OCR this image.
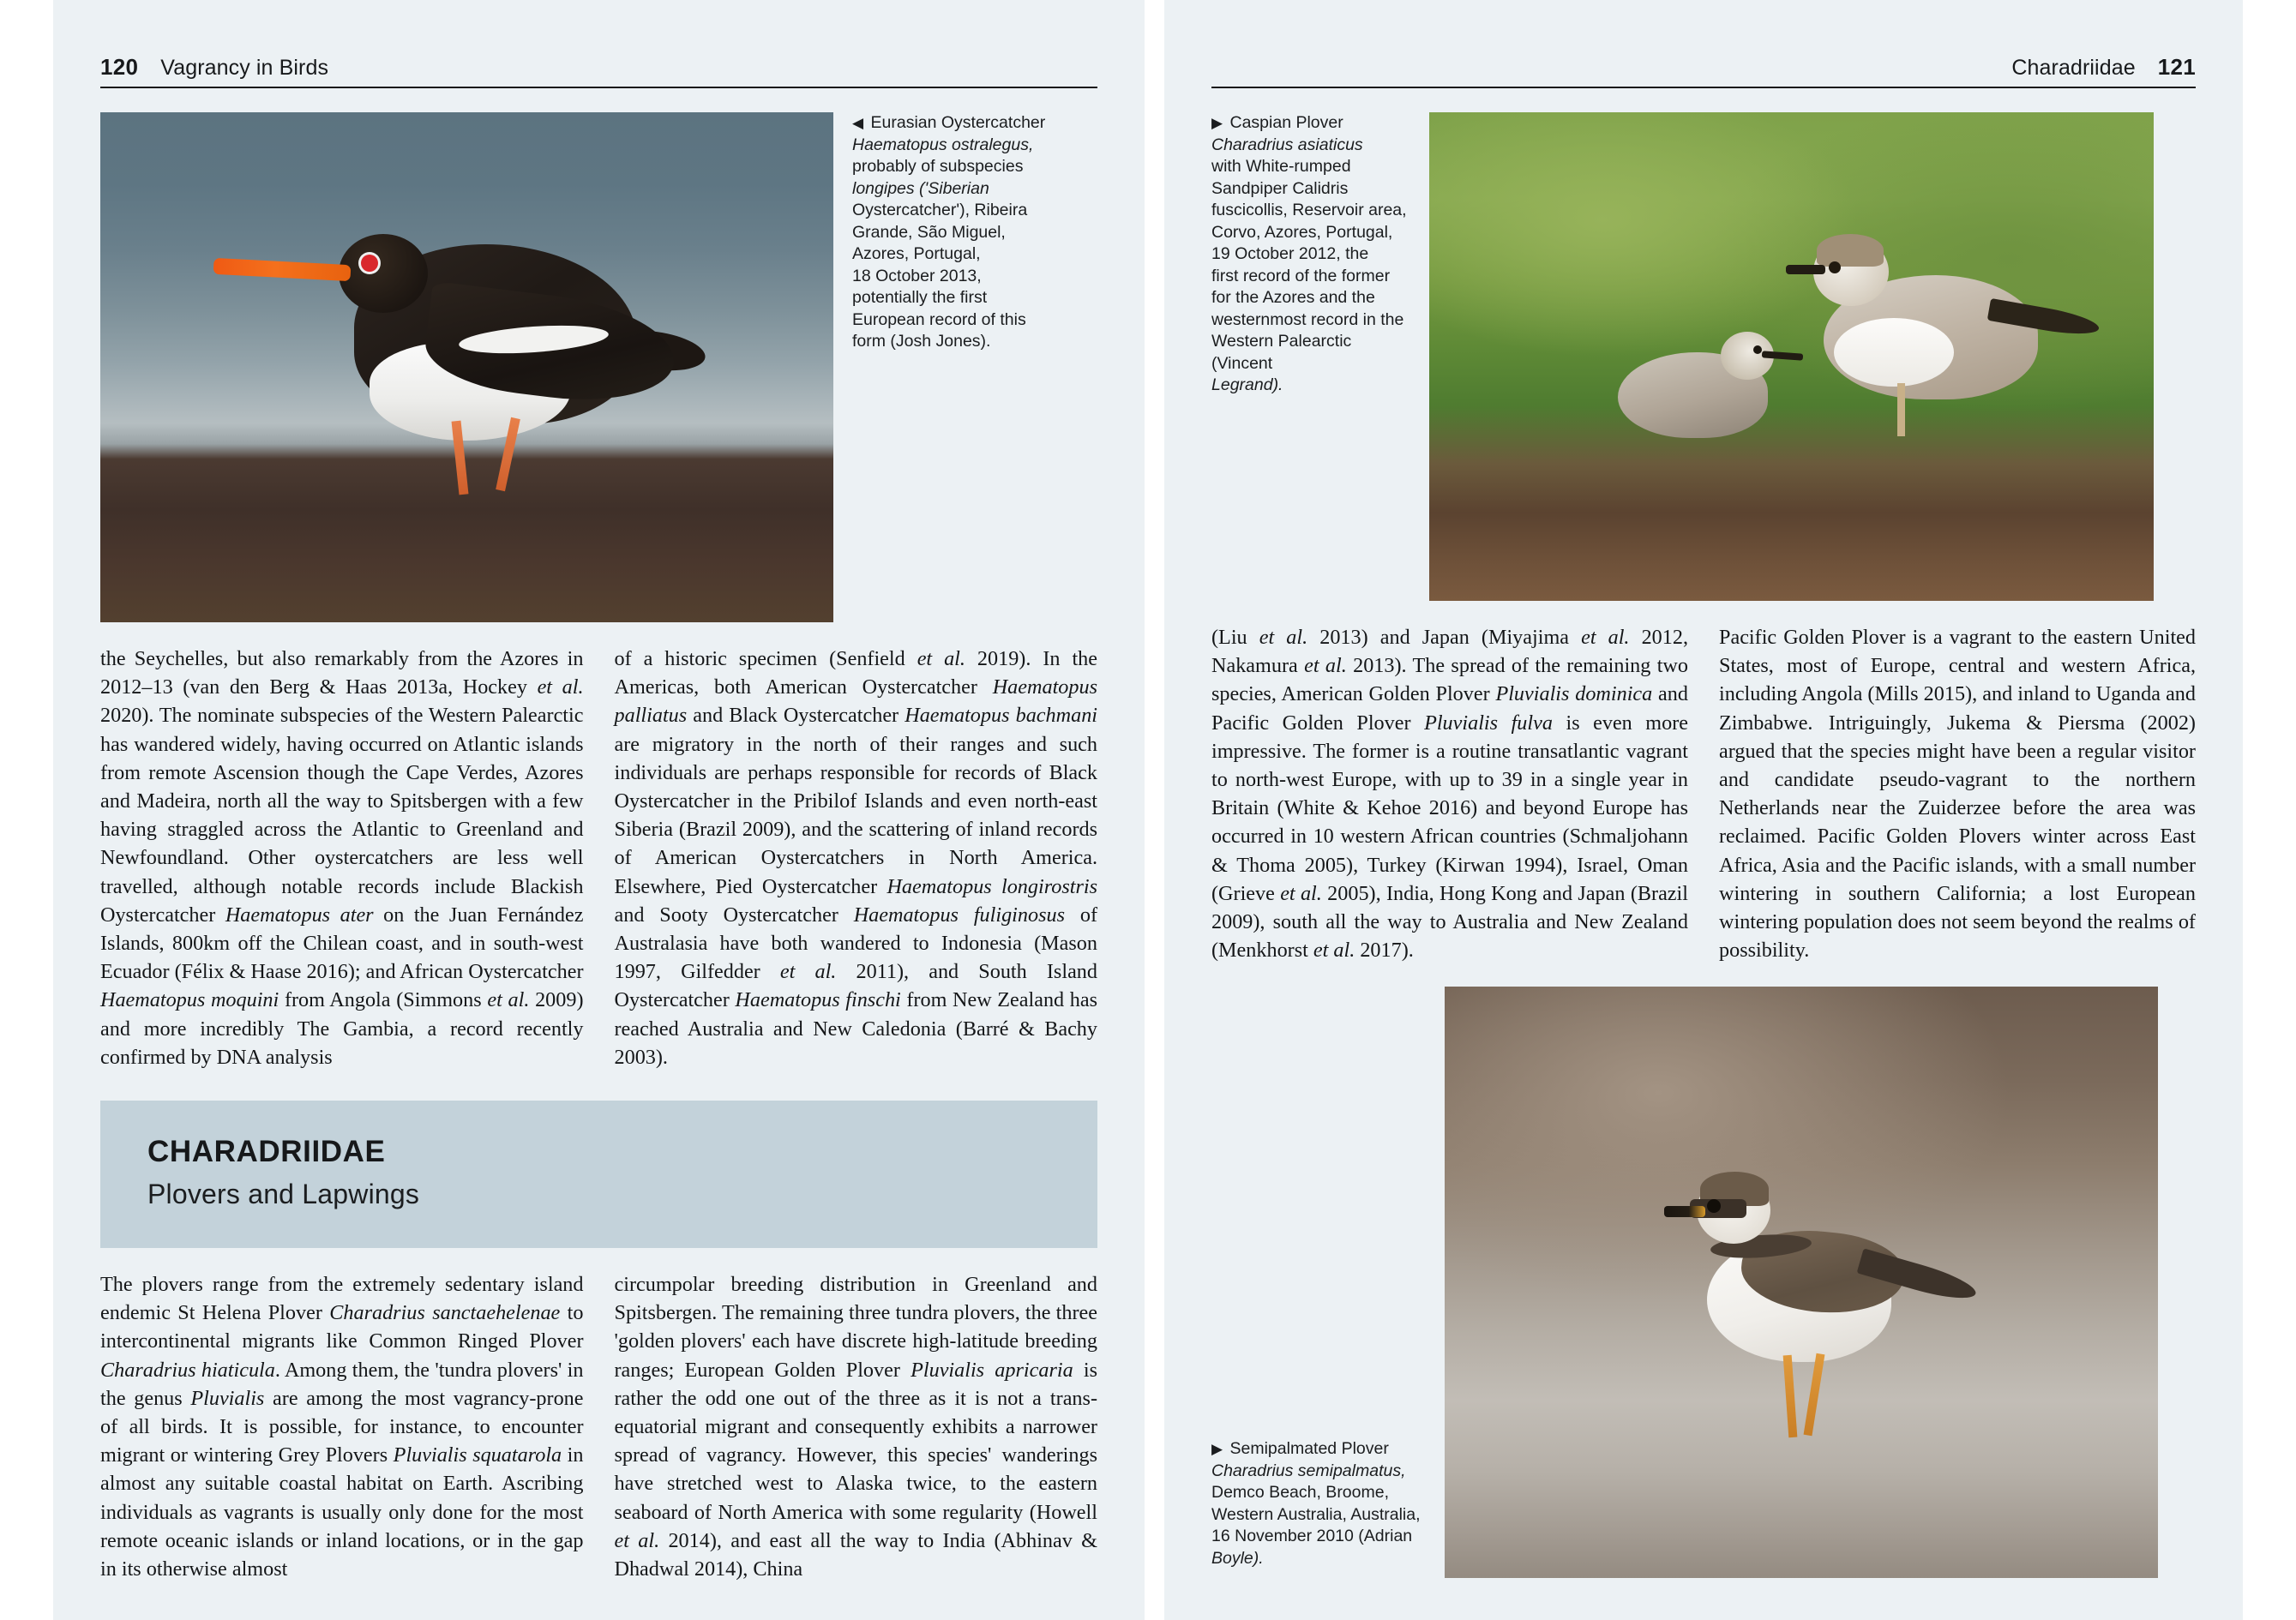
120 Vagrancy in Birds
◀ Eurasian Oystercatcher
Haematopus ostralegus,
probably of subspecies
longipes ('Siberian
Oystercatcher'), Ribeira
Grande, São Miguel,
Azores, Portugal,
18 October 2013,
potentially the first
European record of this
form (Josh Jones).
the Seychelles, but also remarkably from the Azores in 2012–13 (van den Berg & Haas 2013a, Hockey et al. 2020). The nominate subspecies of the Western Palearctic has wandered widely, having occurred on Atlantic islands from remote Ascension though the Cape Verdes, Azores and Madeira, north all the way to Spitsbergen with a few having straggled across the Atlantic to Greenland and Newfoundland. Other oystercatchers are less well travelled, although notable records include Blackish Oystercatcher Haematopus ater on the Juan Fernández Islands, 800km off the Chilean coast, and in south-west Ecuador (Félix & Haase 2016); and African Oystercatcher Haematopus moquini from Angola (Simmons et al. 2009) and more incredibly The Gambia, a record recently confirmed by DNA analysis
of a historic specimen (Senfield et al. 2019). In the Americas, both American Oystercatcher Haematopus palliatus and Black Oystercatcher Haematopus bachmani are migratory in the north of their ranges and such individuals are perhaps responsible for records of Black Oystercatcher in the Pribilof Islands and even north-east Siberia (Brazil 2009), and the scattering of inland records of American Oystercatchers in North America. Elsewhere, Pied Oystercatcher Haematopus longirostris and Sooty Oystercatcher Haematopus fuliginosus of Australasia have both wandered to Indonesia (Mason 1997, Gilfedder et al. 2011), and South Island Oystercatcher Haematopus finschi from New Zealand has reached Australia and New Caledonia (Barré & Bachy 2003).
CHARADRIIDAE
Plovers and Lapwings
The plovers range from the extremely sedentary island endemic St Helena Plover Charadrius sanctaehelenae to intercontinental migrants like Common Ringed Plover Charadrius hiaticula. Among them, the 'tundra plovers' in the genus Pluvialis are among the most vagrancy-prone of all birds. It is possible, for instance, to encounter migrant or wintering Grey Plovers Pluvialis squatarola in almost any suitable coastal habitat on Earth. Ascribing individuals as vagrants is usually only done for the most remote oceanic islands or inland locations, or in the gap in its otherwise almost
circumpolar breeding distribution in Greenland and Spitsbergen. The remaining three tundra plovers, the three 'golden plovers' each have discrete high-latitude breeding ranges; European Golden Plover Pluvialis apricaria is rather the odd one out of the three as it is not a trans-equatorial migrant and consequently exhibits a narrower spread of vagrancy. However, this species' wanderings have stretched west to Alaska twice, to the eastern seaboard of North America with some regularity (Howell et al. 2014), and east all the way to India (Abhinav & Dhadwal 2014), China
Charadriidae 121
▶ Caspian Plover
Charadrius asiaticus
with White-rumped
Sandpiper Calidris
fuscicollis, Reservoir area,
Corvo, Azores, Portugal,
19 October 2012, the
first record of the former
for the Azores and the
westernmost record in the
Western Palearctic (Vincent
Legrand).
(Liu et al. 2013) and Japan (Miyajima et al. 2012, Nakamura et al. 2013). The spread of the remaining two species, American Golden Plover Pluvialis dominica and Pacific Golden Plover Pluvialis fulva is even more impressive. The former is a routine transatlantic vagrant to north-west Europe, with up to 39 in a single year in Britain (White & Kehoe 2016) and beyond Europe has occurred in 10 western African countries (Schmaljohann & Thoma 2005), Turkey (Kirwan 1994), Israel, Oman (Grieve et al. 2005), India, Hong Kong and Japan (Brazil 2009), south all the way to Australia and New Zealand (Menkhorst et al. 2017).
Pacific Golden Plover is a vagrant to the eastern United States, most of Europe, central and western Africa, including Angola (Mills 2015), and inland to Uganda and Zimbabwe. Intriguingly, Jukema & Piersma (2002) argued that the species might have been a regular visitor and candidate pseudo-vagrant to the northern Netherlands near the Zuiderzee before the area was reclaimed. Pacific Golden Plovers winter across East Africa, Asia and the Pacific islands, with a small number wintering in southern California; a lost European wintering population does not seem beyond the realms of possibility.
▶ Semipalmated Plover
Charadrius semipalmatus,
Demco Beach, Broome,
Western Australia, Australia,
16 November 2010 (Adrian
Boyle).
